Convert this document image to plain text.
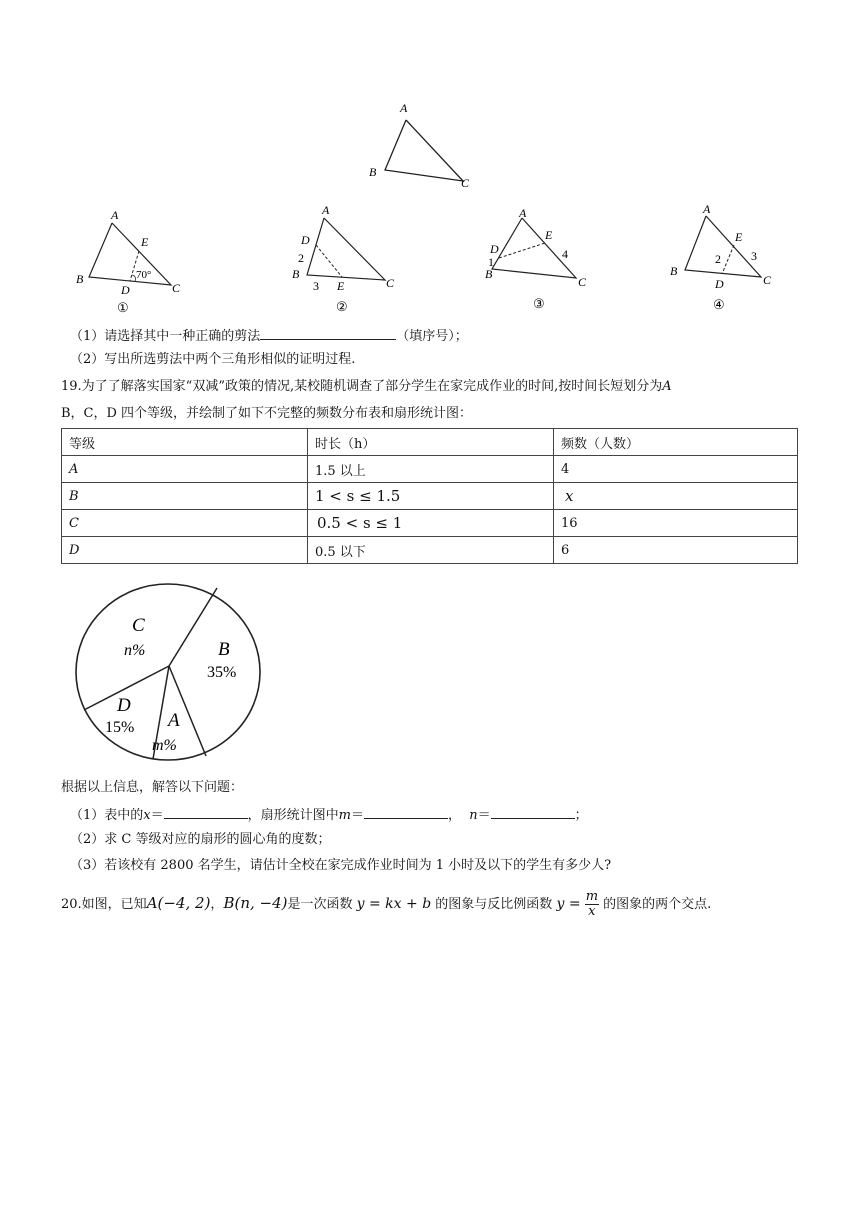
A
B
C
A
E
70°
B
D	C
①
A
D
2
B
3 E	C
②
A
E
D
1
4
B
C
③
A
E
2	3
B
D	C
④
（1）请选择其中一种正确的剪法	（填序号）；
（2）写出所选剪法中两个三角形相似的证明过程.
19.为了了解落实国家“双减”政策的情况,某校随机调查了部分学生在家完成作业的时间,按时间长短划分为A
B，C，D 四个等级，并绘制了如下不完整的频数分布表和扇形统计图：
等级	时长（h）	频数（人数）
A	1.5 以上	4
B	1 < s ≤ 1.5	x
C	0.5 < s ≤ 1	16
D	0.5 以下	6
C
n%	B
35%
D
15% A
m%
根据以上信息，解答以下问题：
（1）表中的x＝	，扇形统计图中m＝	， n＝	；
（2）求 C 等级对应的扇形的圆心角的度数；
（3）若该校有 2800 名学生，请估计全校在家完成作业时间为 1 小时及以下的学生有多少人?
20.如图，已知A(−4, 2)，B(n, −4)是一次函数 y = kx + b 的图象与反比例函数 $y = \frac{m}{x}$ 的图象的两个交点.
